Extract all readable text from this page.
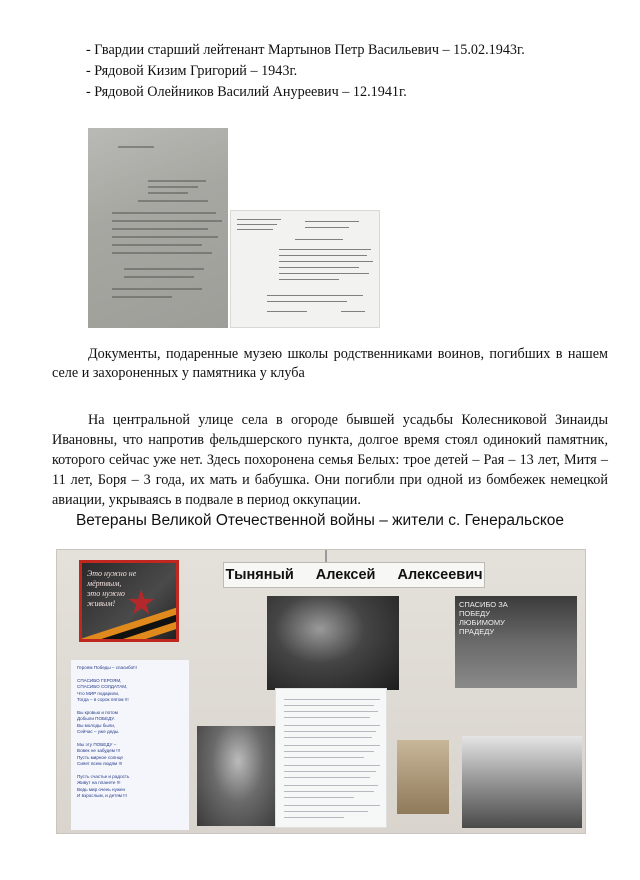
- Гвардии старший лейтенант Мартынов Петр Васильевич – 15.02.1943г.
- Рядовой Кизим Григорий – 1943г.
- Рядовой Олейников Василий Ануреевич – 12.1941г.

Документы, подаренные музею школы родственниками воинов, погибших в нашем селе и захороненных у памятника у клуба

На центральной улице села в огороде бывшей усадьбы Колесниковой Зинаиды Ивановны, что напротив фельдшерского пункта, долгое время стоял одинокий памятник, которого сейчас уже нет. Здесь похоронена семья Белых: трое детей – Рая – 13 лет, Митя – 11 лет, Боря – 3 года, их мать и бабушка. Они погибли при одной из бомбежек немецкой авиации, укрываясь в подвале в период оккупации.

Ветераны Великой Отечественной войны – жители с. Генеральское
★
Это нужно не
мёртвым,
это нужно
живым!
Тыняный Алексей Алексеевич
СПАСИБО ЗА ПОБЕДУ
ЛЮБИМОМУ ПРАДЕДУ
Героям Победы – спасибо!!!

СПАСИБО ГЕРОЯМ,
СПАСИБО СОЛДАТАМ,
Что МИР подарили,
Тогда – в сорок пятом !!!

Вы кровью и потом
Добыли ПОБЕДУ.
Вы молоды были,
Сейчас – уже деды.

Мы эту ПОБЕДУ –
Вовек не забудем !!!
Пусть мирное солнце
Сияет всем людям !!!

Пусть счастье и радость
Живут на планете !!!
Ведь мир очень нужен
И взрослым, и детям !!!
